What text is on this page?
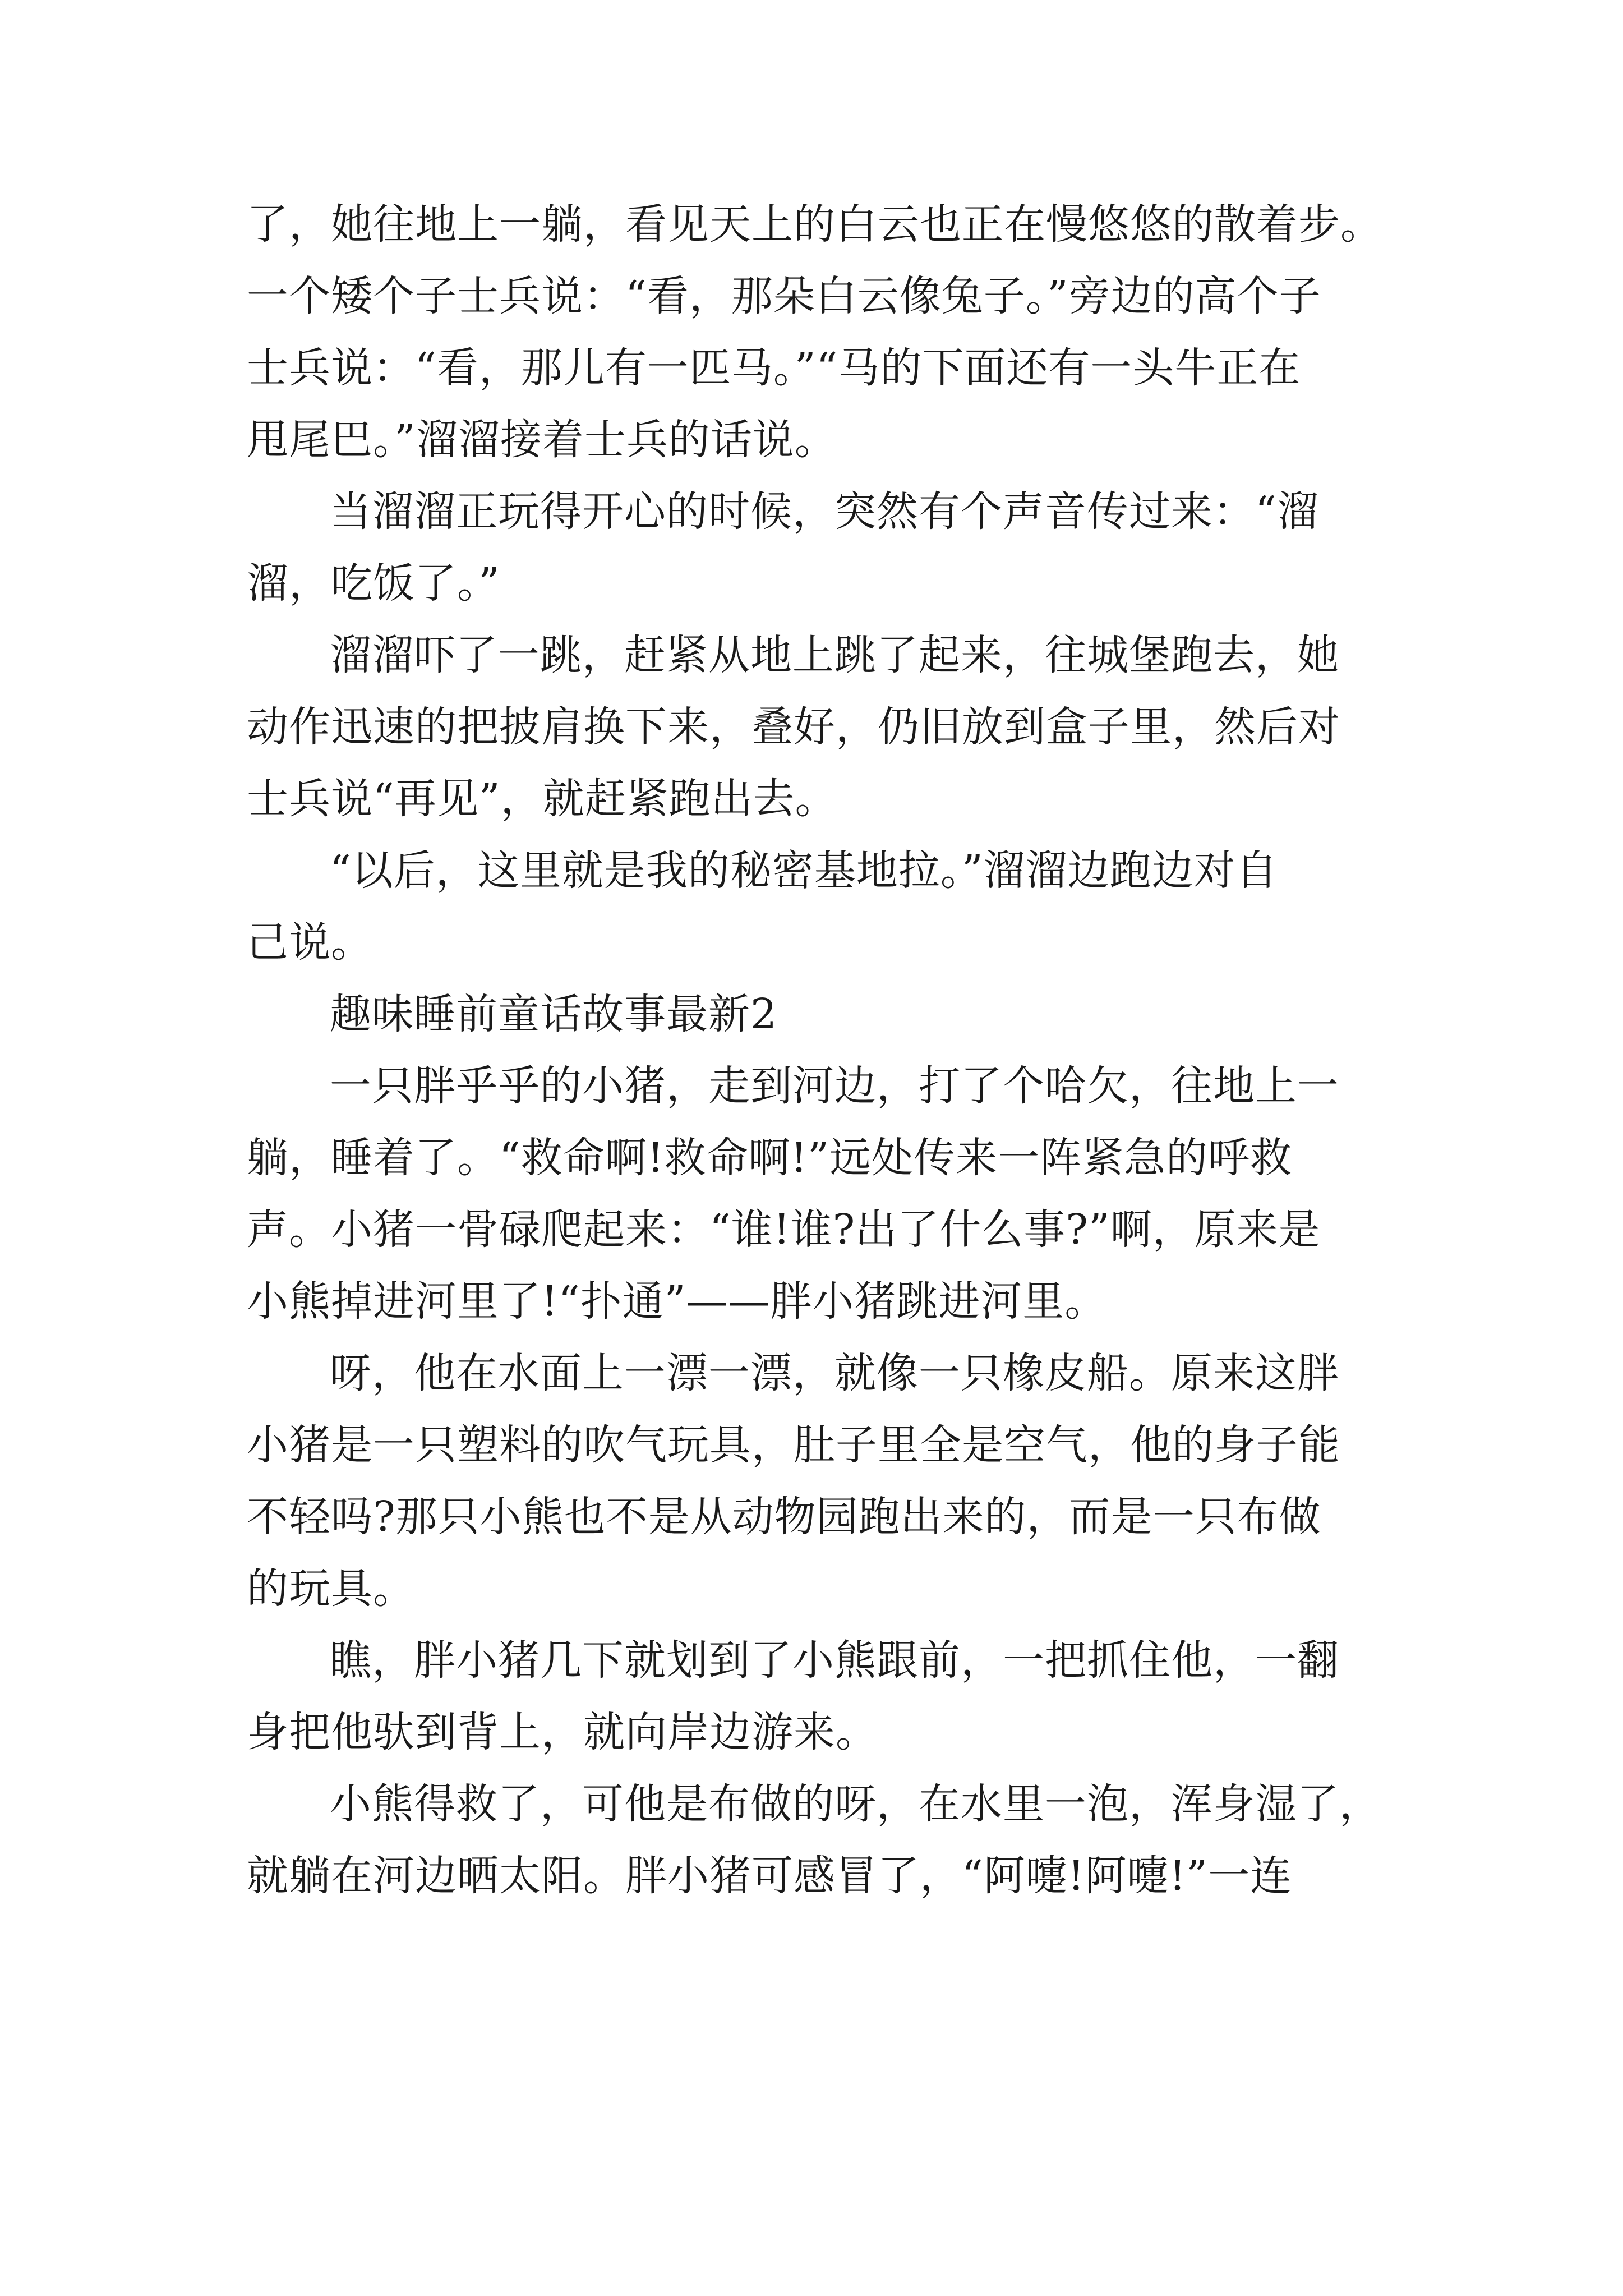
了，她往地上一躺，看见天上的白云也正在慢悠悠的散着步。
一个矮个子士兵说：“看，那朵白云像兔子。”旁边的高个子
士兵说：“看，那儿有一匹马。”“马的下面还有一头牛正在
甩尾巴。”溜溜接着士兵的话说。
当溜溜正玩得开心的时候，突然有个声音传过来：“溜
溜，吃饭了。”
溜溜吓了一跳，赶紧从地上跳了起来，往城堡跑去，她
动作迅速的把披肩换下来，叠好，仍旧放到盒子里，然后对
士兵说“再见”，就赶紧跑出去。
“以后，这里就是我的秘密基地拉。”溜溜边跑边对自
己说。
趣味睡前童话故事最新2
一只胖乎乎的小猪，走到河边，打了个哈欠，往地上一
躺，睡着了。“救命啊!救命啊!”远处传来一阵紧急的呼救
声。小猪一骨碌爬起来：“谁!谁?出了什么事?”啊，原来是
小熊掉进河里了!“扑通”——胖小猪跳进河里。
呀，他在水面上一漂一漂，就像一只橡皮船。原来这胖
小猪是一只塑料的吹气玩具，肚子里全是空气，他的身子能
不轻吗?那只小熊也不是从动物园跑出来的，而是一只布做
的玩具。
瞧，胖小猪几下就划到了小熊跟前，一把抓住他，一翻
身把他驮到背上，就向岸边游来。
小熊得救了，可他是布做的呀，在水里一泡，浑身湿了，
就躺在河边晒太阳。胖小猪可感冒了，“阿嚏!阿嚏!”一连
